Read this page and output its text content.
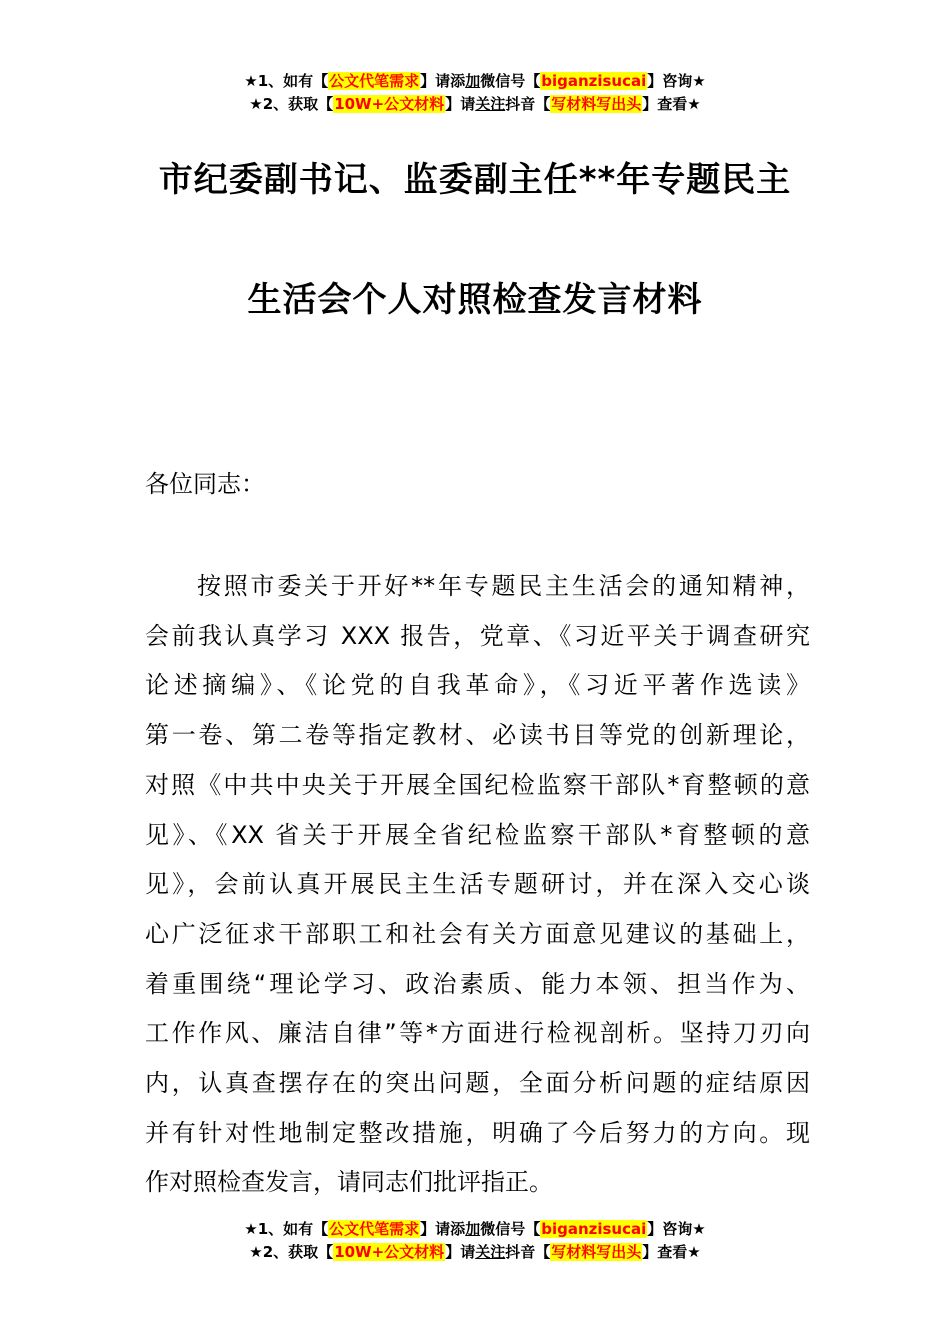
★1、如有【公文代笔需求】请添加微信号【biganzisucai】咨询★
★2、获取【10W+公文材料】请关注抖音【写材料写出头】查看★
市纪委副书记、监委副主任**年专题民主
生活会个人对照检查发言材料
各位同志：
按照市委关于开好**年专题民主生活会的通知精神，
会前我认真学习 XXX 报告，党章、《习近平关于调查研究
论述摘编》、《论党的自我革命》，《习近平著作选读》
第一卷、第二卷等指定教材、必读书目等党的创新理论，
对照《中共中央关于开展全国纪检监察干部队*育整顿的意
见》、《XX 省关于开展全省纪检监察干部队*育整顿的意
见》，会前认真开展民主生活专题研讨，并在深入交心谈
心广泛征求干部职工和社会有关方面意见建议的基础上，
着重围绕“理论学习、政治素质、能力本领、担当作为、
工作作风、廉洁自律”等*方面进行检视剖析。坚持刀刃向
内，认真查摆存在的突出问题，全面分析问题的症结原因
并有针对性地制定整改措施，明确了今后努力的方向。现
作对照检查发言，请同志们批评指正。
★1、如有【公文代笔需求】请添加微信号【biganzisucai】咨询★
★2、获取【10W+公文材料】请关注抖音【写材料写出头】查看★
